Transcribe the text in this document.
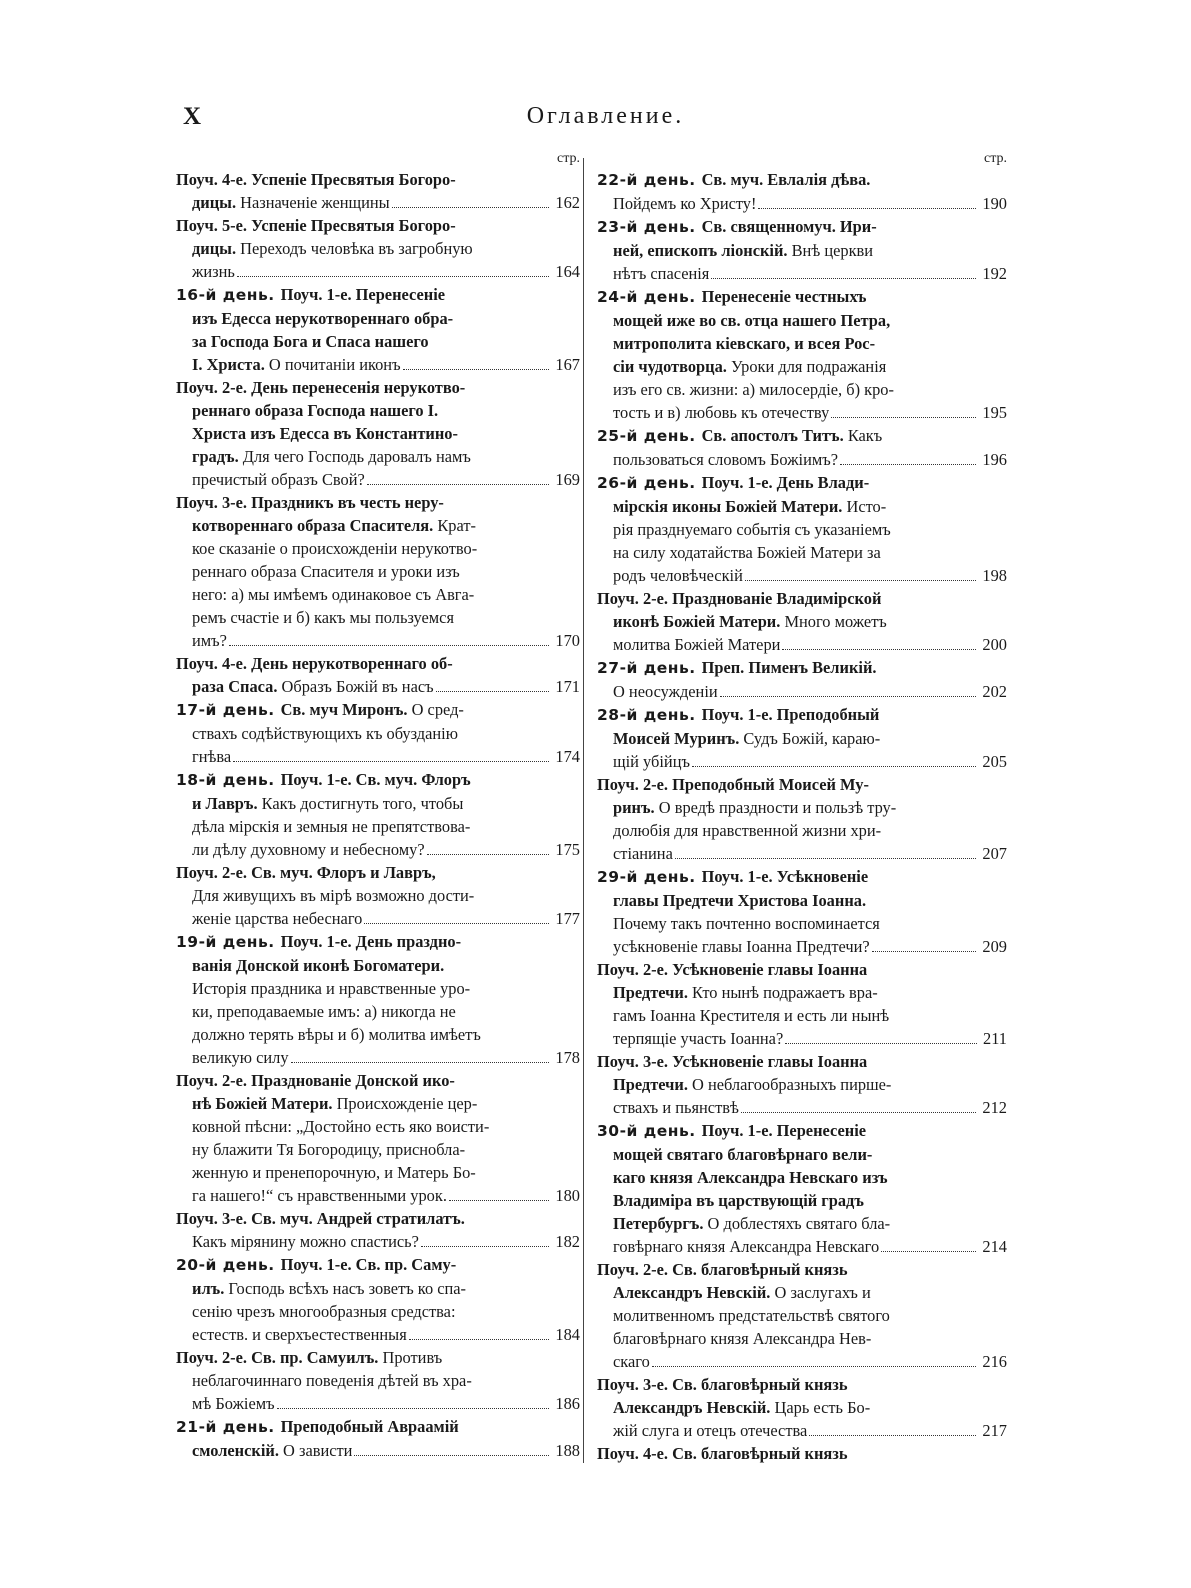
X	Оглавление.
стр.
Поуч. 4-е. Успеніе Пресвятыя Богоро-
дицы. Назначеніе женщины	162
Поуч. 5-е. Успеніе Пресвятыя Богоро-
дицы. Переходъ человѣка въ загробную
жизнь	164
16-й день. Поуч. 1-е. Перенесеніе
изъ Едесса нерукотвореннаго обра-
за Господа Бога и Спаса нашего
I. Христа. О почитаніи иконъ	167
Поуч. 2-е. День перенесенія нерукотво-
реннаго образа Господа нашего I.
Христа изъ Едесса въ Константино-
градъ. Для чего Господь даровалъ намъ
пречистый образъ Свой?	169
Поуч. 3-е. Праздникъ въ честь неру-
котвореннаго образа Спасителя. Крат-
кое сказаніе о происхожденіи нерукотво-
реннаго образа Спасителя и уроки изъ
него: а) мы имѣемъ одинаковое съ Авга-
ремъ счастіе и б) какъ мы пользуемся
имъ?	170
Поуч. 4-е. День нерукотвореннаго об-
раза Спаса. Образъ Божій въ насъ	171
17-й день. Св. муч Миронъ. О сред-
ствахъ содѣйствующихъ къ обузданію
гнѣва	174
18-й день. Поуч. 1-е. Св. муч. Флоръ
и Лавръ. Какъ достигнуть того, чтобы
дѣла мірскія и земныя не препятствова-
ли дѣлу духовному и небесному?	175
Поуч. 2-е. Св. муч. Флоръ и Лавръ,
Для живущихъ въ мірѣ возможно дости-
женіе царства небеснаго	177
19-й день. Поуч. 1-е. День праздно-
ванія Донской иконѣ Богоматери.
Исторія праздника и нравственные уро-
ки, преподаваемые имъ: а) никогда не
должно терять вѣры и б) молитва имѣетъ
великую силу	178
Поуч. 2-е. Празднованіе Донской ико-
нѣ Божіей Матери. Происхожденіе цер-
ковной пѣсни: „Достойно есть яко воисти-
ну блажити Тя Богородицу, присноблa-
женную и пренепорочную, и Матерь Бо-
га нашего!“ съ нравственными урок.	180
Поуч. 3-е. Св. муч. Андрей стратилатъ.
Какъ мірянину можно спастись?	182
20-й день. Поуч. 1-е. Св. пр. Саму-
илъ. Господь всѣхъ насъ зоветъ ко спа-
сенію чрезъ многообразныя средства:
естеств. и сверхъестественныя	184
Поуч. 2-е. Св. пр. Самуилъ. Противъ
неблагочиннаго поведенія дѣтей въ хра-
мѣ Божіемъ	186
21-й день. Преподобный Авраамій
смоленскій. О зависти	188
стр.
22-й день. Св. муч. Евлалія дѣва.
Пойдемъ ко Христу!	190
23-й день. Св. священномуч. Ири-
ней, епископъ ліонскій. Внѣ церкви
нѣтъ спасенія	192
24-й день. Перенесеніе честныхъ
мощей иже во св. отца нашего Петра,
митрополита кіевскаго, и всея Рос-
сіи чудотворца. Уроки для подражанія
изъ его св. жизни: а) милосердіе, б) кро-
тость и в) любовь къ отечеству	195
25-й день. Св. апостолъ Титъ. Какъ
пользоваться словомъ Божіимъ?	196
26-й день. Поуч. 1-е. День Влади-
мірскія иконы Божіей Матери. Исто-
рія празднуемаго событія съ указаніемъ
на силу ходатайства Божіей Матери за
родъ человѣческій	198
Поуч. 2-е. Празднованіе Владимірской
иконѣ Божіей Матери. Много можетъ
молитва Божіей Матери	200
27-й день. Преп. Пименъ Великій.
О неосужденіи	202
28-й день. Поуч. 1-е. Преподобный
Моисей Муринъ. Судъ Божій, караю-
щій убійцъ	205
Поуч. 2-е. Преподобный Моисей Му-
ринъ. О вредѣ праздности и пользѣ тру-
долюбія для нравственной жизни хри-
стіанина	207
29-й день. Поуч. 1-е. Усѣкновеніе
главы Предтечи Христова Іоанна.
Почему такъ почтенно воспоминается
усѣкновеніе главы Іоанна Предтечи?	209
Поуч. 2-е. Усѣкновеніе главы Іоанна
Предтечи. Кто нынѣ подражаетъ вра-
гамъ Іоанна Крестителя и есть ли нынѣ
терпящіе участь Іоанна?	211
Поуч. 3-е. Усѣкновеніе главы Іоанна
Предтечи. О неблагообразныхъ пирше-
ствахъ и пьянствѣ	212
30-й день. Поуч. 1-е. Перенесеніе
мощей святаго благовѣрнаго вели-
каго князя Александра Невскаго изъ
Владиміра въ царствующій градъ
Петербургъ. О доблестяхъ святаго бла-
говѣрнаго князя Александра Невскаго	214
Поуч. 2-е. Св. благовѣрный князь
Александръ Невскій. О заслугахъ и
молитвенномъ предстательствѣ святого
благовѣрнаго князя Александра Нев-
скаго	216
Поуч. 3-е. Св. благовѣрный князь
Александръ Невскій. Царь есть Бо-
жій слуга и отецъ отечества	217
Поуч. 4-е. Св. благовѣрный князь
